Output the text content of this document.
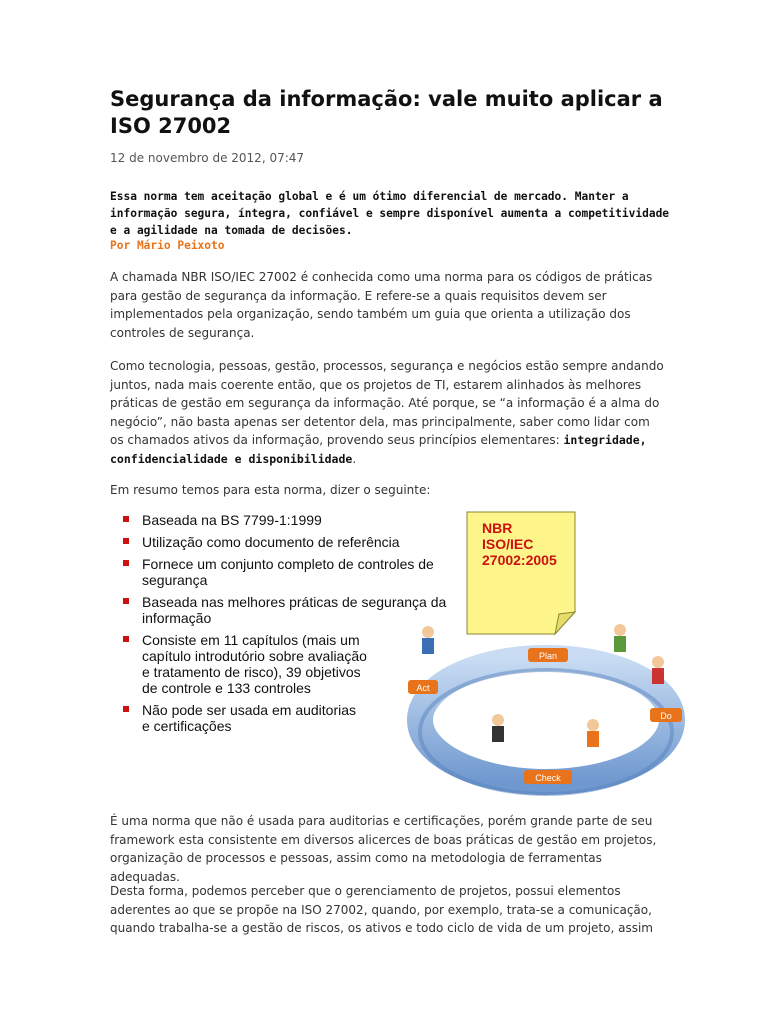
Segurança da informação: vale muito aplicar a ISO 27002
12 de novembro de 2012, 07:47
Essa norma tem aceitação global e é um ótimo diferencial de mercado. Manter a informação segura, íntegra, confiável e sempre disponível aumenta a competitividade e a agilidade na tomada de decisões.
Por Mário Peixoto

A chamada NBR ISO/IEC 27002 é conhecida como uma norma para os códigos de práticas para gestão de segurança da informação. E refere-se a quais requisitos devem ser implementados pela organização, sendo também um guia que orienta a utilização dos controles de segurança.

Como tecnologia, pessoas, gestão, processos, segurança e negócios estão sempre andando juntos, nada mais coerente então, que os projetos de TI, estarem alinhados às melhores práticas de gestão em segurança da informação. Até porque, se “a informação é a alma do negócio”, não basta apenas ser detentor dela, mas principalmente, saber como lidar com os chamados ativos da informação, provendo seus princípios elementares: integridade, confidencialidade e disponibilidade.

Em resumo temos para esta norma, dizer o seguinte:

Baseada na BS 7799-1:1999
Utilização como documento de referência
Fornece um conjunto completo de controles de segurança
Baseada nas melhores práticas de segurança da informação
Consiste em 11 capítulos (mais um capítulo introdutório sobre avaliação e tratamento de risco), 39 objetivos de controle e 133 controles
Não pode ser usada em auditorias e certificações
NBR
ISO/IEC
27002:2005
Plan
Do
Check
Act

É uma norma que não é usada para auditorias e certificações, porém grande parte de seu framework esta consistente em diversos alicerces de boas práticas de gestão em projetos, organização de processos e pessoas, assim como na metodologia de ferramentas adequadas.

Desta forma, podemos perceber que o gerenciamento de projetos, possui elementos aderentes ao que se propõe na ISO 27002, quando, por exemplo, trata-se a comunicação, quando trabalha-se a gestão de riscos, os ativos e todo ciclo de vida de um projeto, assim
